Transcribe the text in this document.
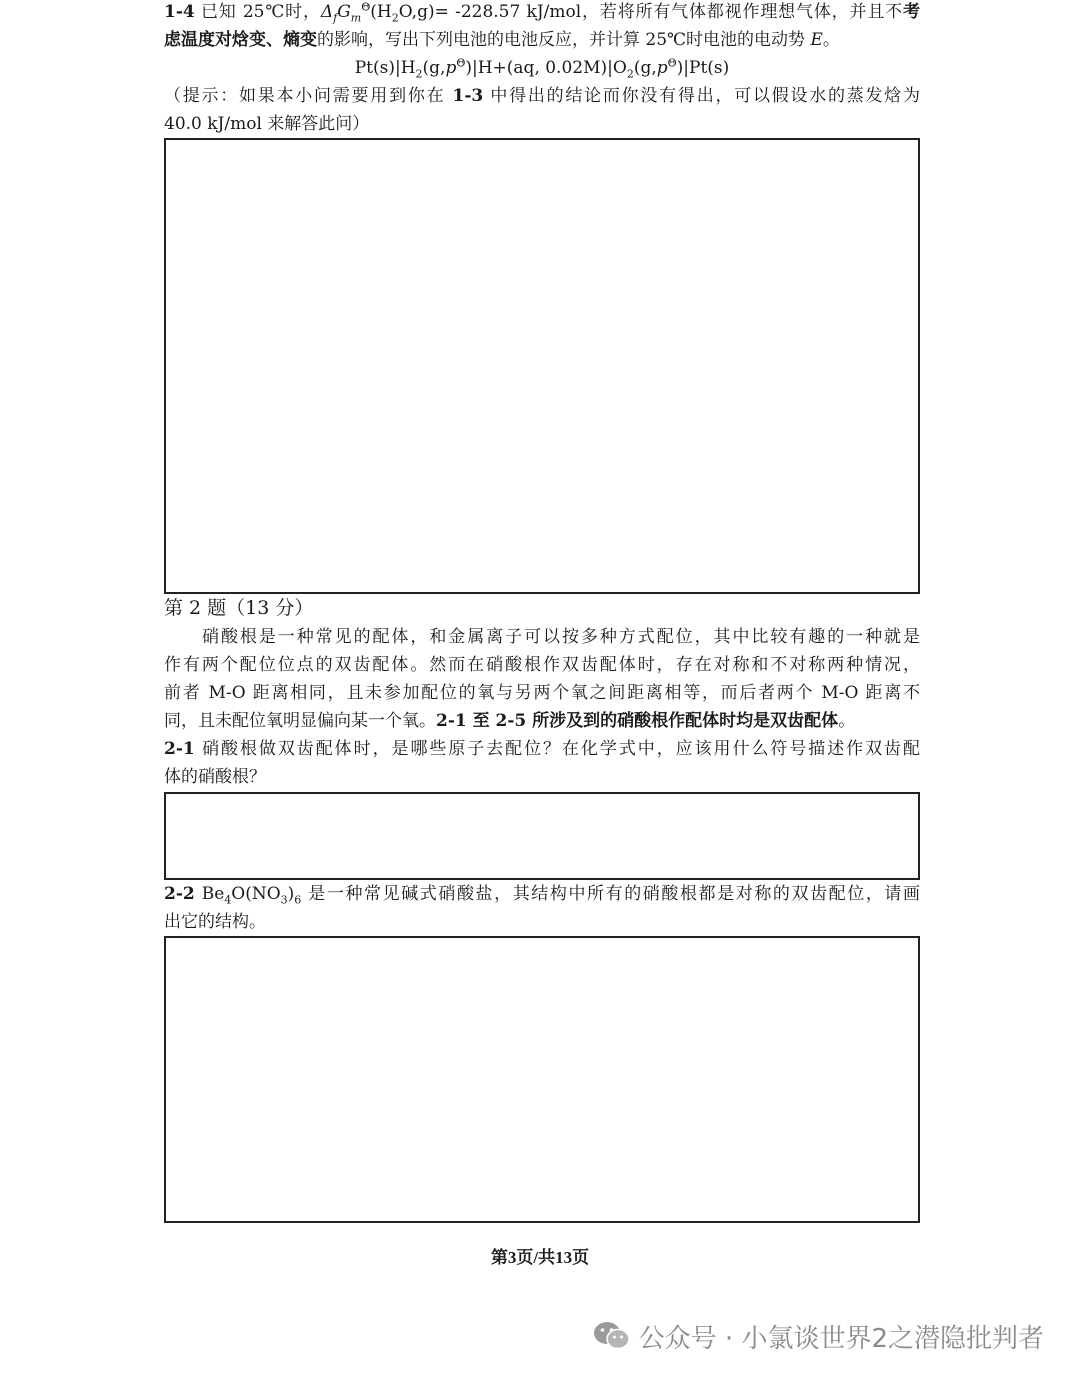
1-4 已知 25℃时，$\Delta_fG_m^\Theta(H_2O,g)= -228.57$ kJ/mol，若将所有气体都视作理想气体，并且不考
虑温度对焓变、熵变的影响，写出下列电池的电池反应，并计算 25℃时电池的电动势 E。
$Pt(s)|H_2(g,p^\Theta)|H+(aq$, $0.02M)|O_2(g,p^\Theta)|Pt(s)$
（提示：如果本小问需要用到你在 1-3 中得出的结论而你没有得出，可以假设水的蒸发焓为
40.0 kJ/mol 来解答此问）
第 2 题（13 分）
硝酸根是一种常见的配体，和金属离子可以按多种方式配位，其中比较有趣的一种就是
作有两个配位位点的双齿配体。然而在硝酸根作双齿配体时，存在对称和不对称两种情况，
前者 M-O 距离相同，且未参加配位的氧与另两个氧之间距离相等，而后者两个 M-O 距离不
同，且未配位氧明显偏向某一个氧。2-1 至 2-5 所涉及到的硝酸根作配体时均是双齿配体。
2-1 硝酸根做双齿配体时，是哪些原子去配位？在化学式中，应该用什么符号描述作双齿配
体的硝酸根？
2-2 $Be_4O(NO_3)_6$ 是一种常见碱式硝酸盐，其结构中所有的硝酸根都是对称的双齿配位，请画
出它的结构。
第3页/共13页
公众号 · 小氯谈世界2之潜隐批判者
